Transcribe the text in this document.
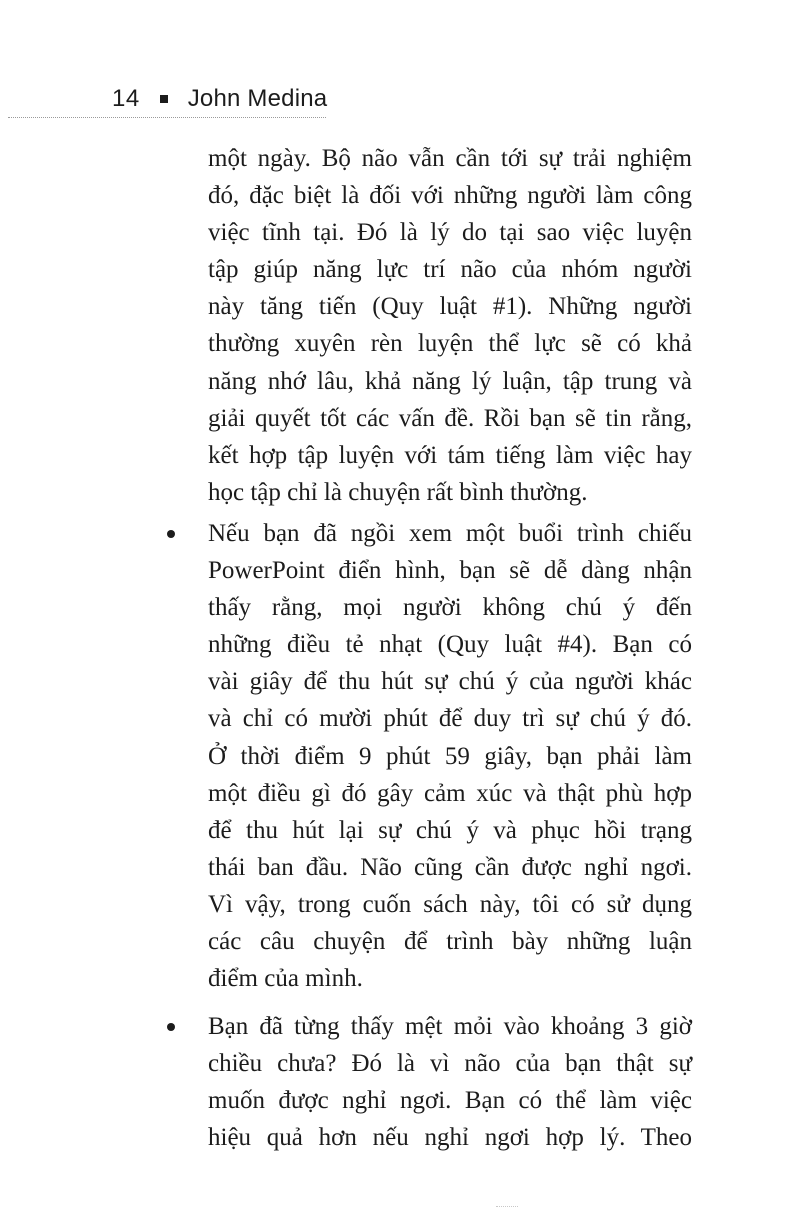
14 John Medina
một ngày. Bộ não vẫn cần tới sự trải nghiệm
đó, đặc biệt là đối với những người làm công
việc tĩnh tại. Đó là lý do tại sao việc luyện
tập giúp năng lực trí não của nhóm người
này tăng tiến (Quy luật #1). Những người
thường xuyên rèn luyện thể lực sẽ có khả
năng nhớ lâu, khả năng lý luận, tập trung và
giải quyết tốt các vấn đề. Rồi bạn sẽ tin rằng,
kết hợp tập luyện với tám tiếng làm việc hay
học tập chỉ là chuyện rất bình thường.
Nếu bạn đã ngồi xem một buổi trình chiếu
PowerPoint điển hình, bạn sẽ dễ dàng nhận
thấy rằng, mọi người không chú ý đến
những điều tẻ nhạt (Quy luật #4). Bạn có
vài giây để thu hút sự chú ý của người khác
và chỉ có mười phút để duy trì sự chú ý đó.
Ở thời điểm 9 phút 59 giây, bạn phải làm
một điều gì đó gây cảm xúc và thật phù hợp
để thu hút lại sự chú ý và phục hồi trạng
thái ban đầu. Não cũng cần được nghỉ ngơi.
Vì vậy, trong cuốn sách này, tôi có sử dụng
các câu chuyện để trình bày những luận
điểm của mình.
Bạn đã từng thấy mệt mỏi vào khoảng 3 giờ
chiều chưa? Đó là vì não của bạn thật sự
muốn được nghỉ ngơi. Bạn có thể làm việc
hiệu quả hơn nếu nghỉ ngơi hợp lý. Theo
